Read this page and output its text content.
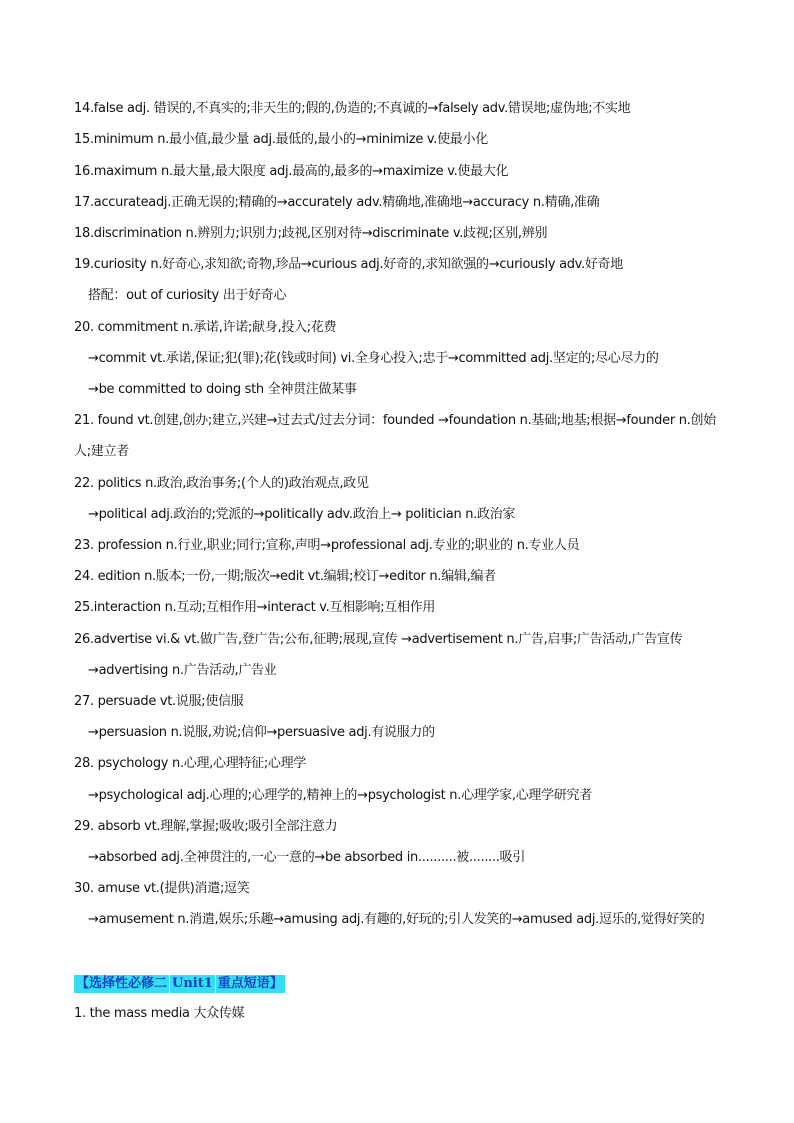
14.false adj. 错误的,不真实的;非天生的;假的,伪造的;不真诚的→falsely adv.错误地;虚伪地;不实地
15.minimum n.最小值,最少量 adj.最低的,最小的→minimize v.使最小化
16.maximum n.最大量,最大限度 adj.最高的,最多的→maximize v.使最大化
17.accurateadj.正确无误的;精确的→accurately adv.精确地,准确地→accuracy n.精确,准确
18.discrimination n.辨别力;识别力;歧视,区别对待→discriminate v.歧视;区别,辨别
19.curiosity n.好奇心,求知欲;奇物,珍品→curious adj.好奇的,求知欲强的→curiously adv.好奇地
搭配：out of curiosity 出于好奇心
20. commitment n.承诺,许诺;献身,投入;花费
→commit vt.承诺,保证;犯(罪);花(钱或时间) vi.全身心投入;忠于→committed adj.坚定的;尽心尽力的
→be committed to doing sth 全神贯注做某事
21. found vt.创建,创办;建立,兴建→过去式/过去分词：founded →foundation n.基础;地基;根据→founder n.创始
人;建立者
22. politics n.政治,政治事务;(个人的)政治观点,政见
→political adj.政治的;党派的→politically adv.政治上→ politician n.政治家
23. profession n.行业,职业;同行;宣称,声明→professional adj.专业的;职业的 n.专业人员
24. edition n.版本;一份,一期;版次→edit vt.编辑;校订→editor n.编辑,编者
25.interaction n.互动;互相作用→interact v.互相影响;互相作用
26.advertise vi.& vt.做广告,登广告;公布,征聘;展现,宣传 →advertisement n.广告,启事;广告活动,广告宣传
→advertising n.广告活动,广告业
27. persuade vt.说服;使信服
→persuasion n.说服,劝说;信仰→persuasive adj.有说服力的
28. psychology n.心理,心理特征;心理学
→psychological adj.心理的;心理学的,精神上的→psychologist n.心理学家,心理学研究者
29. absorb vt.理解,掌握;吸收;吸引全部注意力
→absorbed adj.全神贯注的,一心一意的→be absorbed in..........被........吸引
30. amuse vt.(提供)消遣;逗笑
→amusement n.消遣,娱乐;乐趣→amusing adj.有趣的,好玩的;引人发笑的→amused adj.逗乐的,觉得好笑的
【选择性必修二 Unit1 重点短语】
1. the mass media 大众传媒
